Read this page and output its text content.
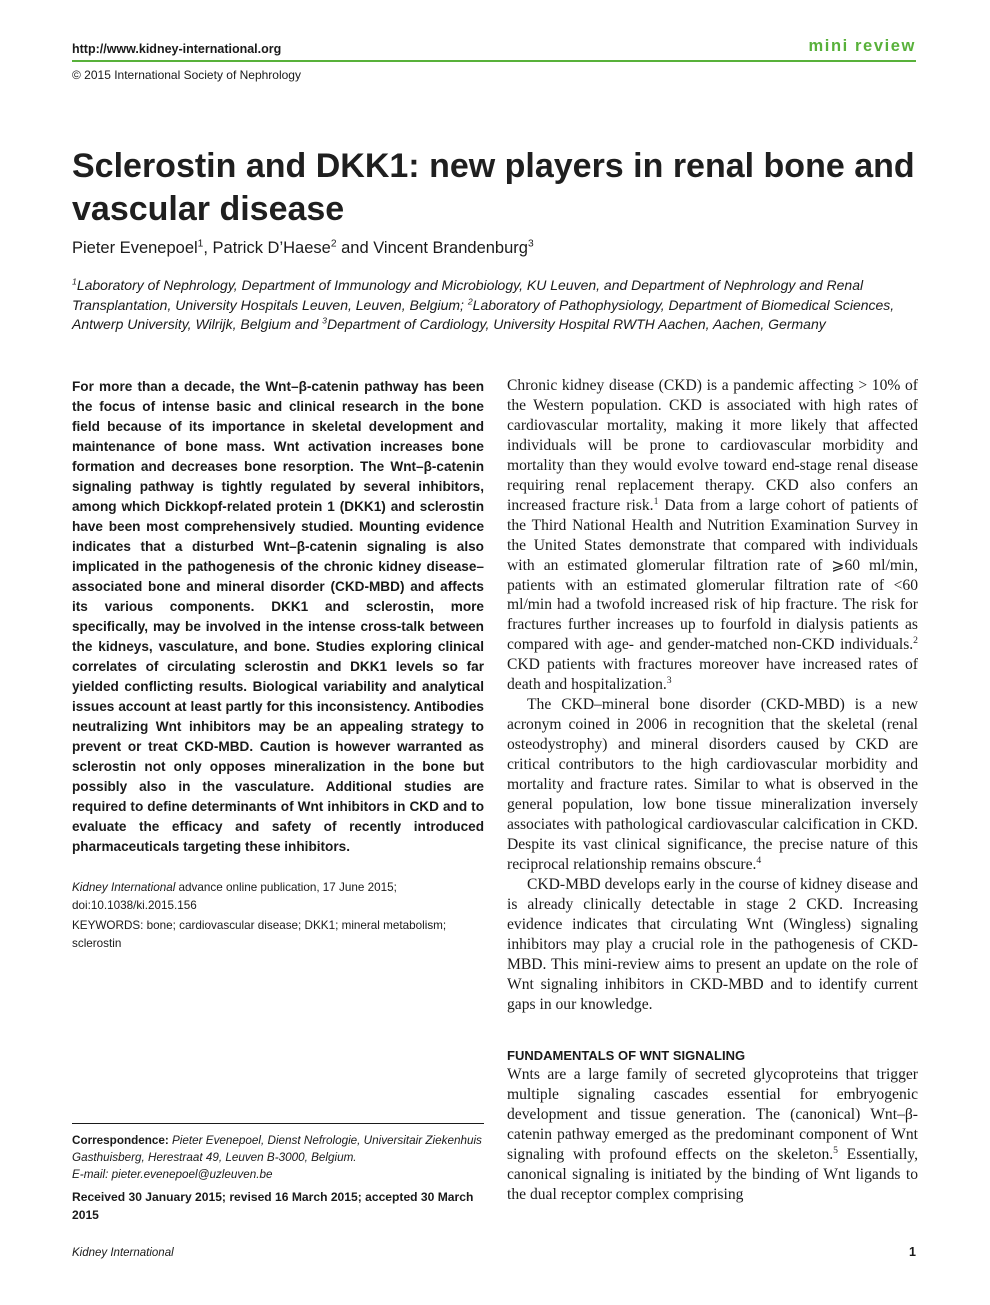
http://www.kidney-international.org	mini review
© 2015 International Society of Nephrology
Sclerostin and DKK1: new players in renal bone and vascular disease
Pieter Evenepoel$^1$, Patrick D’Haese$^2$ and Vincent Brandenburg$^3$
$^1$Laboratory of Nephrology, Department of Immunology and Microbiology, KU Leuven, and Department of Nephrology and Renal Transplantation, University Hospitals Leuven, Leuven, Belgium; $^2$Laboratory of Pathophysiology, Department of Biomedical Sciences, Antwerp University, Wilrijk, Belgium and $^3$Department of Cardiology, University Hospital RWTH Aachen, Aachen, Germany
For more than a decade, the Wnt–β-catenin pathway has been the focus of intense basic and clinical research in the bone field because of its importance in skeletal development and maintenance of bone mass. Wnt activation increases bone formation and decreases bone resorption. The Wnt–β-catenin signaling pathway is tightly regulated by several inhibitors, among which Dickkopf-related protein 1 (DKK1) and sclerostin have been most comprehensively studied. Mounting evidence indicates that a disturbed Wnt–β-catenin signaling is also implicated in the pathogenesis of the chronic kidney disease–associated bone and mineral disorder (CKD-MBD) and affects its various components. DKK1 and sclerostin, more specifically, may be involved in the intense cross-talk between the kidneys, vasculature, and bone. Studies exploring clinical correlates of circulating sclerostin and DKK1 levels so far yielded conflicting results. Biological variability and analytical issues account at least partly for this inconsistency. Antibodies neutralizing Wnt inhibitors may be an appealing strategy to prevent or treat CKD-MBD. Caution is however warranted as sclerostin not only opposes mineralization in the bone but possibly also in the vasculature. Additional studies are required to define determinants of Wnt inhibitors in CKD and to evaluate the efficacy and safety of recently introduced pharmaceuticals targeting these inhibitors.
Kidney International advance online publication, 17 June 2015; doi:10.1038/ki.2015.156
KEYWORDS: bone; cardiovascular disease; DKK1; mineral metabolism; sclerostin
Correspondence: Pieter Evenepoel, Dienst Nefrologie, Universitair Ziekenhuis Gasthuisberg, Herestraat 49, Leuven B-3000, Belgium.
E-mail: pieter.evenepoel@uzleuven.be
Received 30 January 2015; revised 16 March 2015; accepted 30 March 2015

Chronic kidney disease (CKD) is a pandemic affecting > 10% of the Western population. CKD is associated with high rates of cardiovascular mortality, making it more likely that affected individuals will be prone to cardiovascular morbidity and mortality than they would evolve toward end-stage renal disease requiring renal replacement therapy. CKD also confers an increased fracture risk.$^1$ Data from a large cohort of patients of the Third National Health and Nutrition Examination Survey in the United States demonstrate that compared with individuals with an estimated glomerular filtration rate of ⩾60 ml/min, patients with an estimated glomerular filtration rate of <60 ml/min had a twofold increased risk of hip fracture. The risk for fractures further increases up to fourfold in dialysis patients as compared with age- and gender-matched non-CKD individuals.$^2$ CKD patients with fractures moreover have increased rates of death and hospitalization.$^3$

The CKD–mineral bone disorder (CKD-MBD) is a new acronym coined in 2006 in recognition that the skeletal (renal osteodystrophy) and mineral disorders caused by CKD are critical contributors to the high cardiovascular morbidity and mortality and fracture rates. Similar to what is observed in the general population, low bone tissue mineralization inversely associates with pathological cardiovascular calcification in CKD. Despite its vast clinical significance, the precise nature of this reciprocal relationship remains obscure.$^4$

CKD-MBD develops early in the course of kidney disease and is already clinically detectable in stage 2 CKD. Increasing evidence indicates that circulating Wnt (Wingless) signaling inhibitors may play a crucial role in the pathogenesis of CKD-MBD. This mini-review aims to present an update on the role of Wnt signaling inhibitors in CKD-MBD and to identify current gaps in our knowledge.

FUNDAMENTALS OF WNT SIGNALING

Wnts are a large family of secreted glycoproteins that trigger multiple signaling cascades essential for embryogenic development and tissue generation. The (canonical) Wnt–β-catenin pathway emerged as the predominant component of Wnt signaling with profound effects on the skeleton.$^5$ Essentially, canonical signaling is initiated by the binding of Wnt ligands to the dual receptor complex comprising

Kidney International	1
